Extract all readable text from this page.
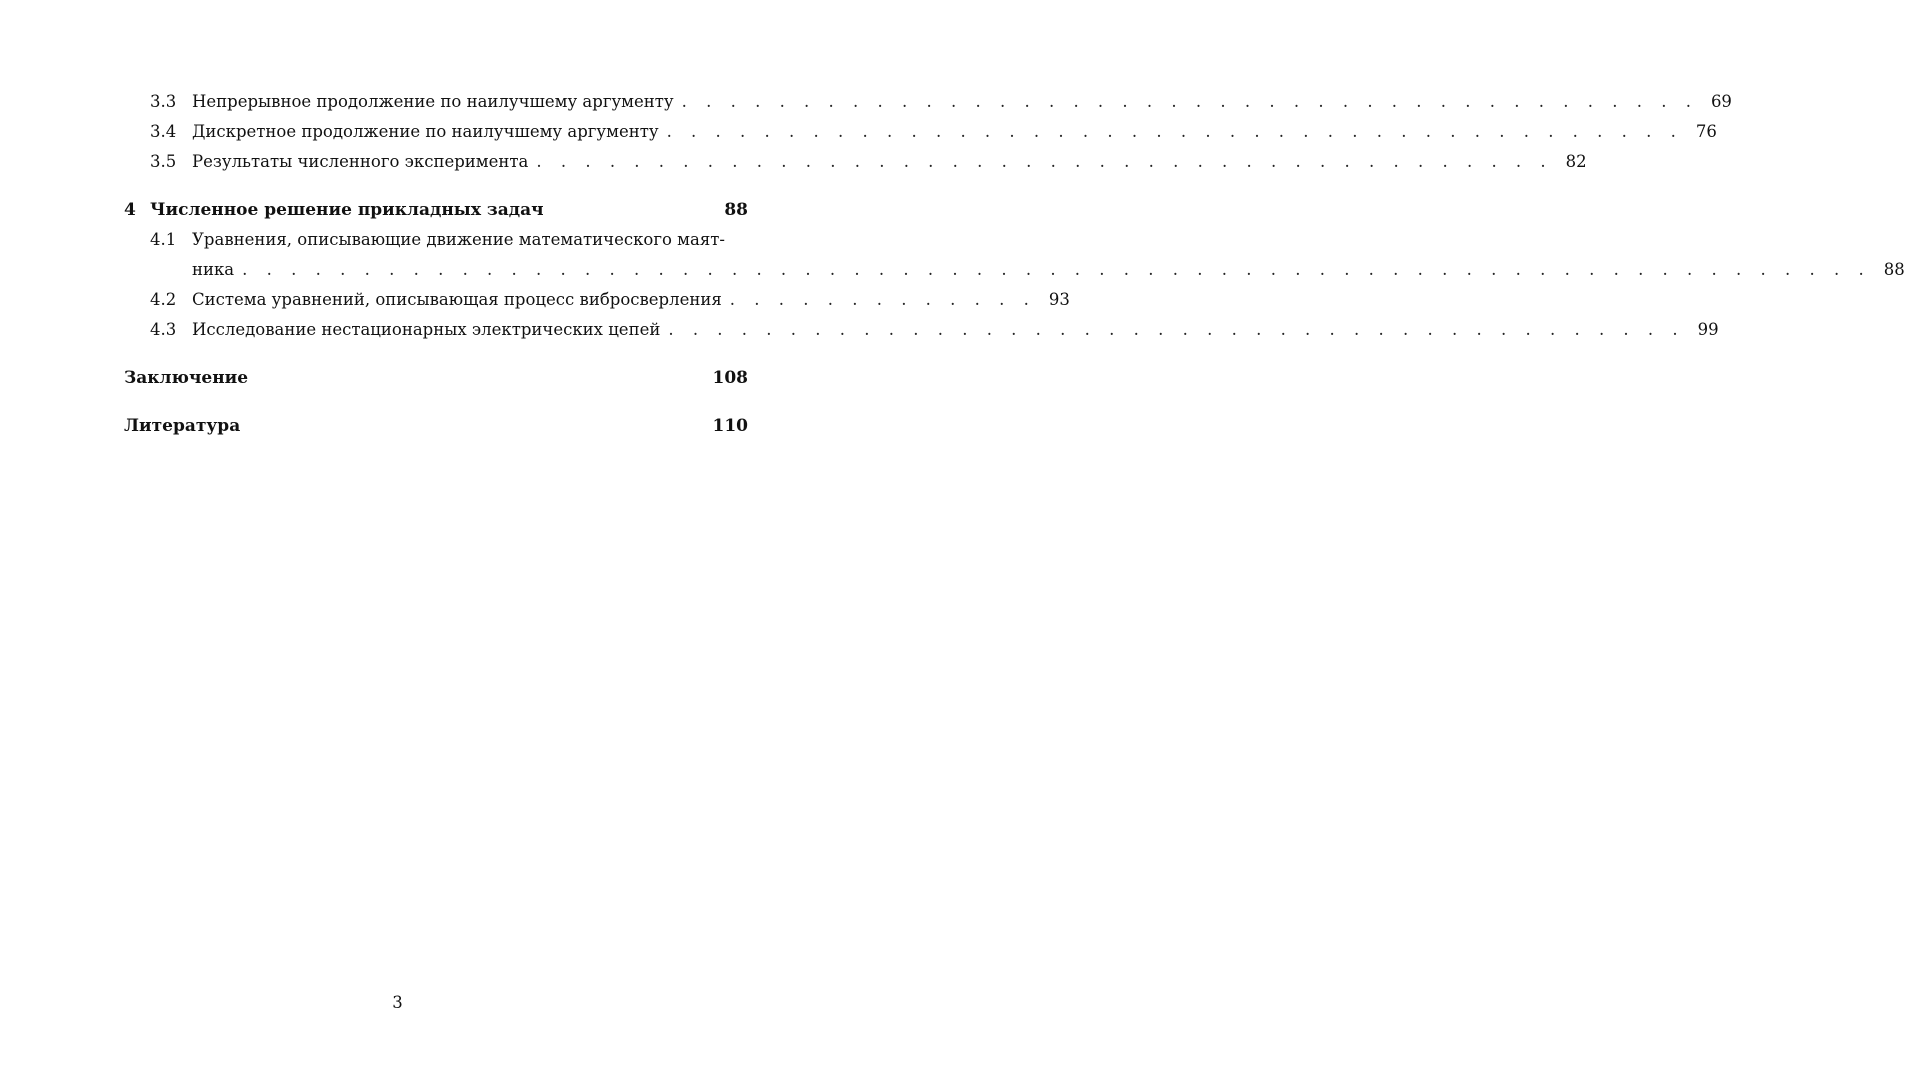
3.3 Непрерывное продолжение по наилучшему аргументу . . . . . . . . . . . . . . . . . . . . . . . . . . . . . . . . . . . . . . . . . . 69
3.4 Дискретное продолжение по наилучшему аргументу . . . . . . . . . . . . . . . . . . . . . . . . . . . . . . . . . . . . . . . . . . 76
3.5 Результаты численного эксперимента . . . . . . . . . . . . . . . . . . . . . . . . . . . . . . . . . . . . . . . . . . 82
4 Численное решение прикладных задач	88
4.1 Уравнения, описывающие движение математического маят-
ника . . . . . . . . . . . . . . . . . . . . . . . . . . . . . . . . . . . . . . . . . . . . . . . . . . . . . . . . . . . . . . . . . . . 88
4.2 Система уравнений, описывающая процесс вибросверления . . . . . . . . . . . . . 93
4.3 Исследование нестационарных электрических цепей . . . . . . . . . . . . . . . . . . . . . . . . . . . . . . . . . . . . . . . . . . 99
Заключение	108
Литература	110
3
